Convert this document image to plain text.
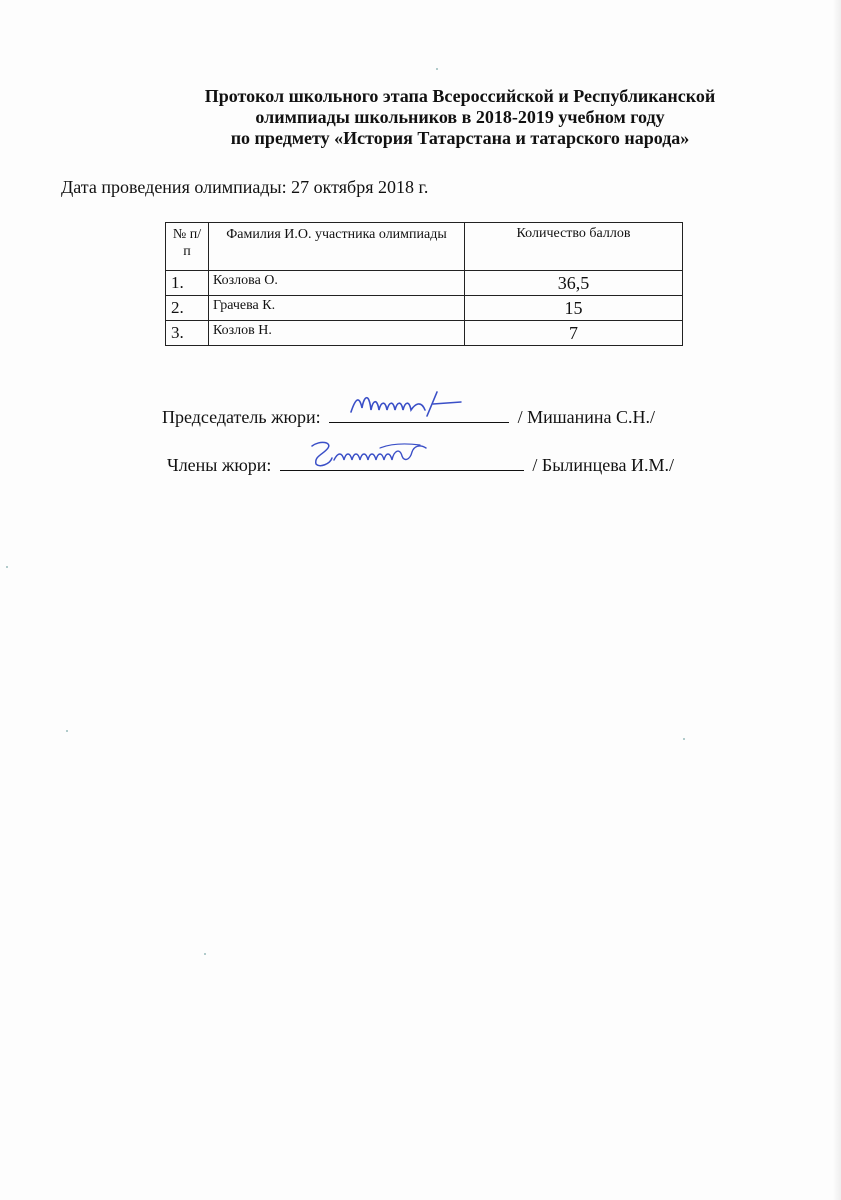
Протокол школьного этапа Всероссийской и Республиканской
олимпиады школьников в 2018-2019 учебном году
по предмету «История Татарстана и татарского народа»
Дата проведения олимпиады: 27 октября 2018 г.
№ п/п	Фамилия И.О. участника олимпиады	Количество баллов
1.	Козлова О.	36,5
2.	Грачева К.	15
3.	Козлов Н.	7
Председатель жюри:	/ Мишанина С.Н./
Члены жюри:	/ Былинцева И.М./
